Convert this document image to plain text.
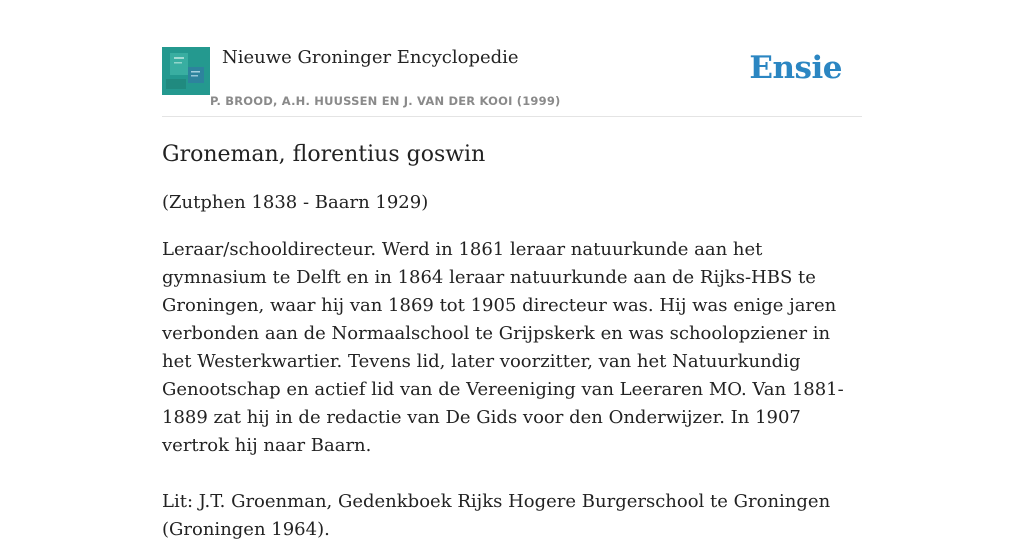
Nieuwe Groninger Encyclopedie
P. BROOD, A.H. HUUSSEN EN J. VAN DER KOOI (1999)
Ensie
Groneman, florentius goswin

(Zutphen 1838 - Baarn 1929)

Leraar/schooldirecteur. Werd in 1861 leraar natuurkunde aan het gymnasium te Delft en in 1864 leraar natuurkunde aan de Rijks-HBS te Groningen, waar hij van 1869 tot 1905 directeur was. Hij was enige jaren verbonden aan de Normaalschool te Grijpskerk en was schoolopziener in het Westerkwartier. Tevens lid, later voorzitter, van het Natuurkundig Genootschap en actief lid van de Vereeniging van Leeraren MO. Van 1881-1889 zat hij in de redactie van De Gids voor den Onderwijzer. In 1907 vertrok hij naar Baarn.

Lit: J.T. Groenman, Gedenkboek Rijks Hogere Burgerschool te Groningen (Groningen 1964).
